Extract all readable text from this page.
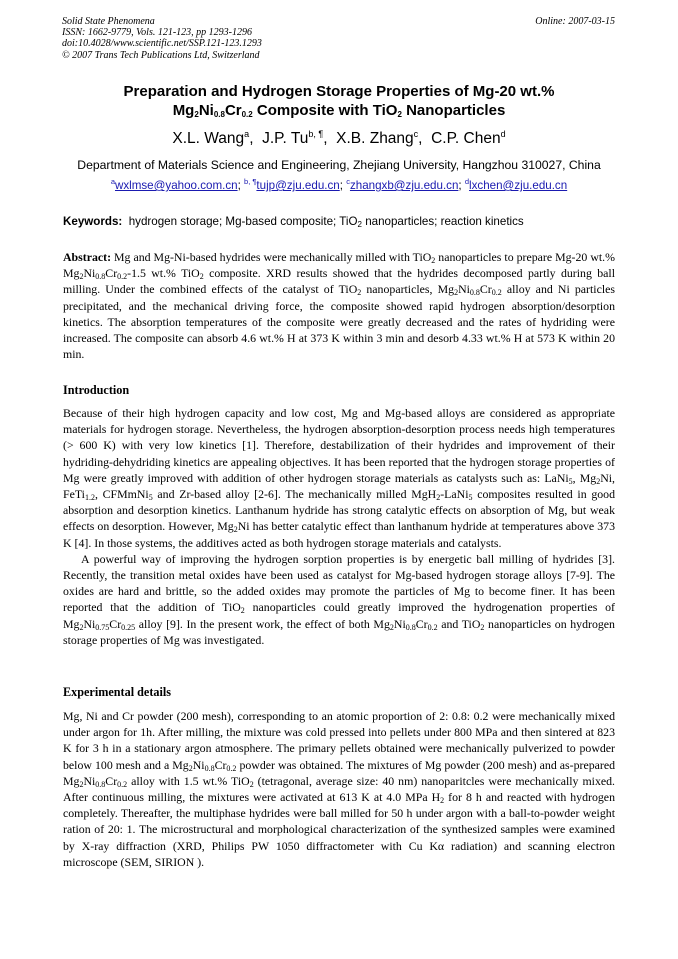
Solid State Phenomena
ISSN: 1662-9779, Vols. 121-123, pp 1293-1296
doi:10.4028/www.scientific.net/SSP.121-123.1293
© 2007 Trans Tech Publications Ltd, Switzerland
Online: 2007-03-15
Preparation and Hydrogen Storage Properties of Mg-20 wt.%
$Mg_2Ni_{0.8}Cr_{0.2}$ Composite with TiO$_2$ Nanoparticles
X.L. Wang$^a$,  J.P. $Tu^{b, \P}$,  X.B. Zhang$^c$,  C.P. Chen$^d$
Department of Materials Science and Engineering, Zhejiang University, Hangzhou 310027, China
$^a$wxlmse@yahoo.com.cn; $^{b, \P}$tujp@zju.edu.cn; $^c$zhangxb@zju.edu.cn; $^d$lxchen@zju.edu.cn
Keywords: hydrogen storage; Mg-based composite; TiO$_2$ nanoparticles; reaction kinetics

Abstract: Mg and Mg-Ni-based hydrides were mechanically milled with TiO$_2$ nanoparticles to prepare Mg-20 wt.% $Mg_2Ni_{0.8}Cr_{0.2}-1.5$ wt.% TiO$_2$ composite. XRD results showed that the hydrides decomposed partly during ball milling. Under the combined effects of the catalyst of TiO$_2$ nanoparticles, $Mg_2Ni_{0.8}Cr_{0.2}$ alloy and Ni particles precipitated, and the mechanical driving force, the composite showed rapid hydrogen absorption/desorption kinetics. The absorption temperatures of the composite were greatly decreased and the rates of hydriding were increased. The composite can absorb 4.6 wt.% H at 373 K within 3 min and desorb 4.33 wt.% H at 573 K within 20 min.

Introduction

Because of their high hydrogen capacity and low cost, Mg and Mg-based alloys are considered as appropriate materials for hydrogen storage. Nevertheless, the hydrogen absorption-desorption process needs high temperatures (> 600 K) with very low kinetics [1]. Therefore, destabilization of their hydrides and improvement of their hydriding-dehydriding kinetics are appealing objectives. It has been reported that the hydrogen storage properties of Mg were greatly improved with addition of other hydrogen storage materials as catalysts such as: LaNi$_5$, $Mg_2Ni$, FeTi$_{1.2}$, CFMmNi$_5$ and Zr-based alloy [2-6]. The mechanically milled MgH$_2$-LaNi$_5$ composites resulted in good absorption and desorption kinetics. Lanthanum hydride has strong catalytic effects on absorption of Mg, but weak effects on desorption. However, $Mg_2Ni$ has better catalytic effect than lanthanum hydride at temperatures above 373 K [4]. In those systems, the additives acted as both hydrogen storage materials and catalysts.

A powerful way of improving the hydrogen sorption properties is by energetic ball milling of hydrides [3]. Recently, the transition metal oxides have been used as catalyst for Mg-based hydrogen storage alloys [7-9]. The oxides are hard and brittle, so the added oxides may promote the particles of Mg to become finer. It has been reported that the addition of TiO$_2$ nanoparticles could greatly improved the hydrogenation properties of $Mg_2Ni_{0.75}Cr_{0.25}$ alloy [9]. In the present work, the effect of both $Mg_2Ni_{0.8}Cr_{0.2}$ and TiO$_2$ nanoparticles on hydrogen storage properties of Mg was investigated.

Experimental details

Mg, Ni and Cr powder (200 mesh), corresponding to an atomic proportion of 2: 0.8: 0.2 were mechanically mixed under argon for 1h. After milling, the mixture was cold pressed into pellets under 800 MPa and then sintered at 823 K for 3 h in a stationary argon atmosphere. The primary pellets obtained were mechanically pulverized to powder below 100 mesh and a $Mg_2Ni_{0.8}Cr_{0.2}$ powder was obtained. The mixtures of Mg powder (200 mesh) and as-prepared $Mg_2Ni_{0.8}Cr_{0.2}$ alloy with 1.5 wt.% TiO$_2$ (tetragonal, average size: 40 nm) nanoparitcles were mechanically mixed. After continuous milling, the mixtures were activated at 613 K at 4.0 MPa $H_2$ for 8 h and reacted with hydrogen completely. Thereafter, the multiphase hydrides were ball milled for 50 h under argon with a ball-to-powder weight ration of 20: 1. The microstructural and morphological characterization of the synthesized samples were examined by X-ray diffraction (XRD, Philips PW 1050 diffractometer with Cu Kα radiation) and scanning electron microscope (SEM, SIRION ).
